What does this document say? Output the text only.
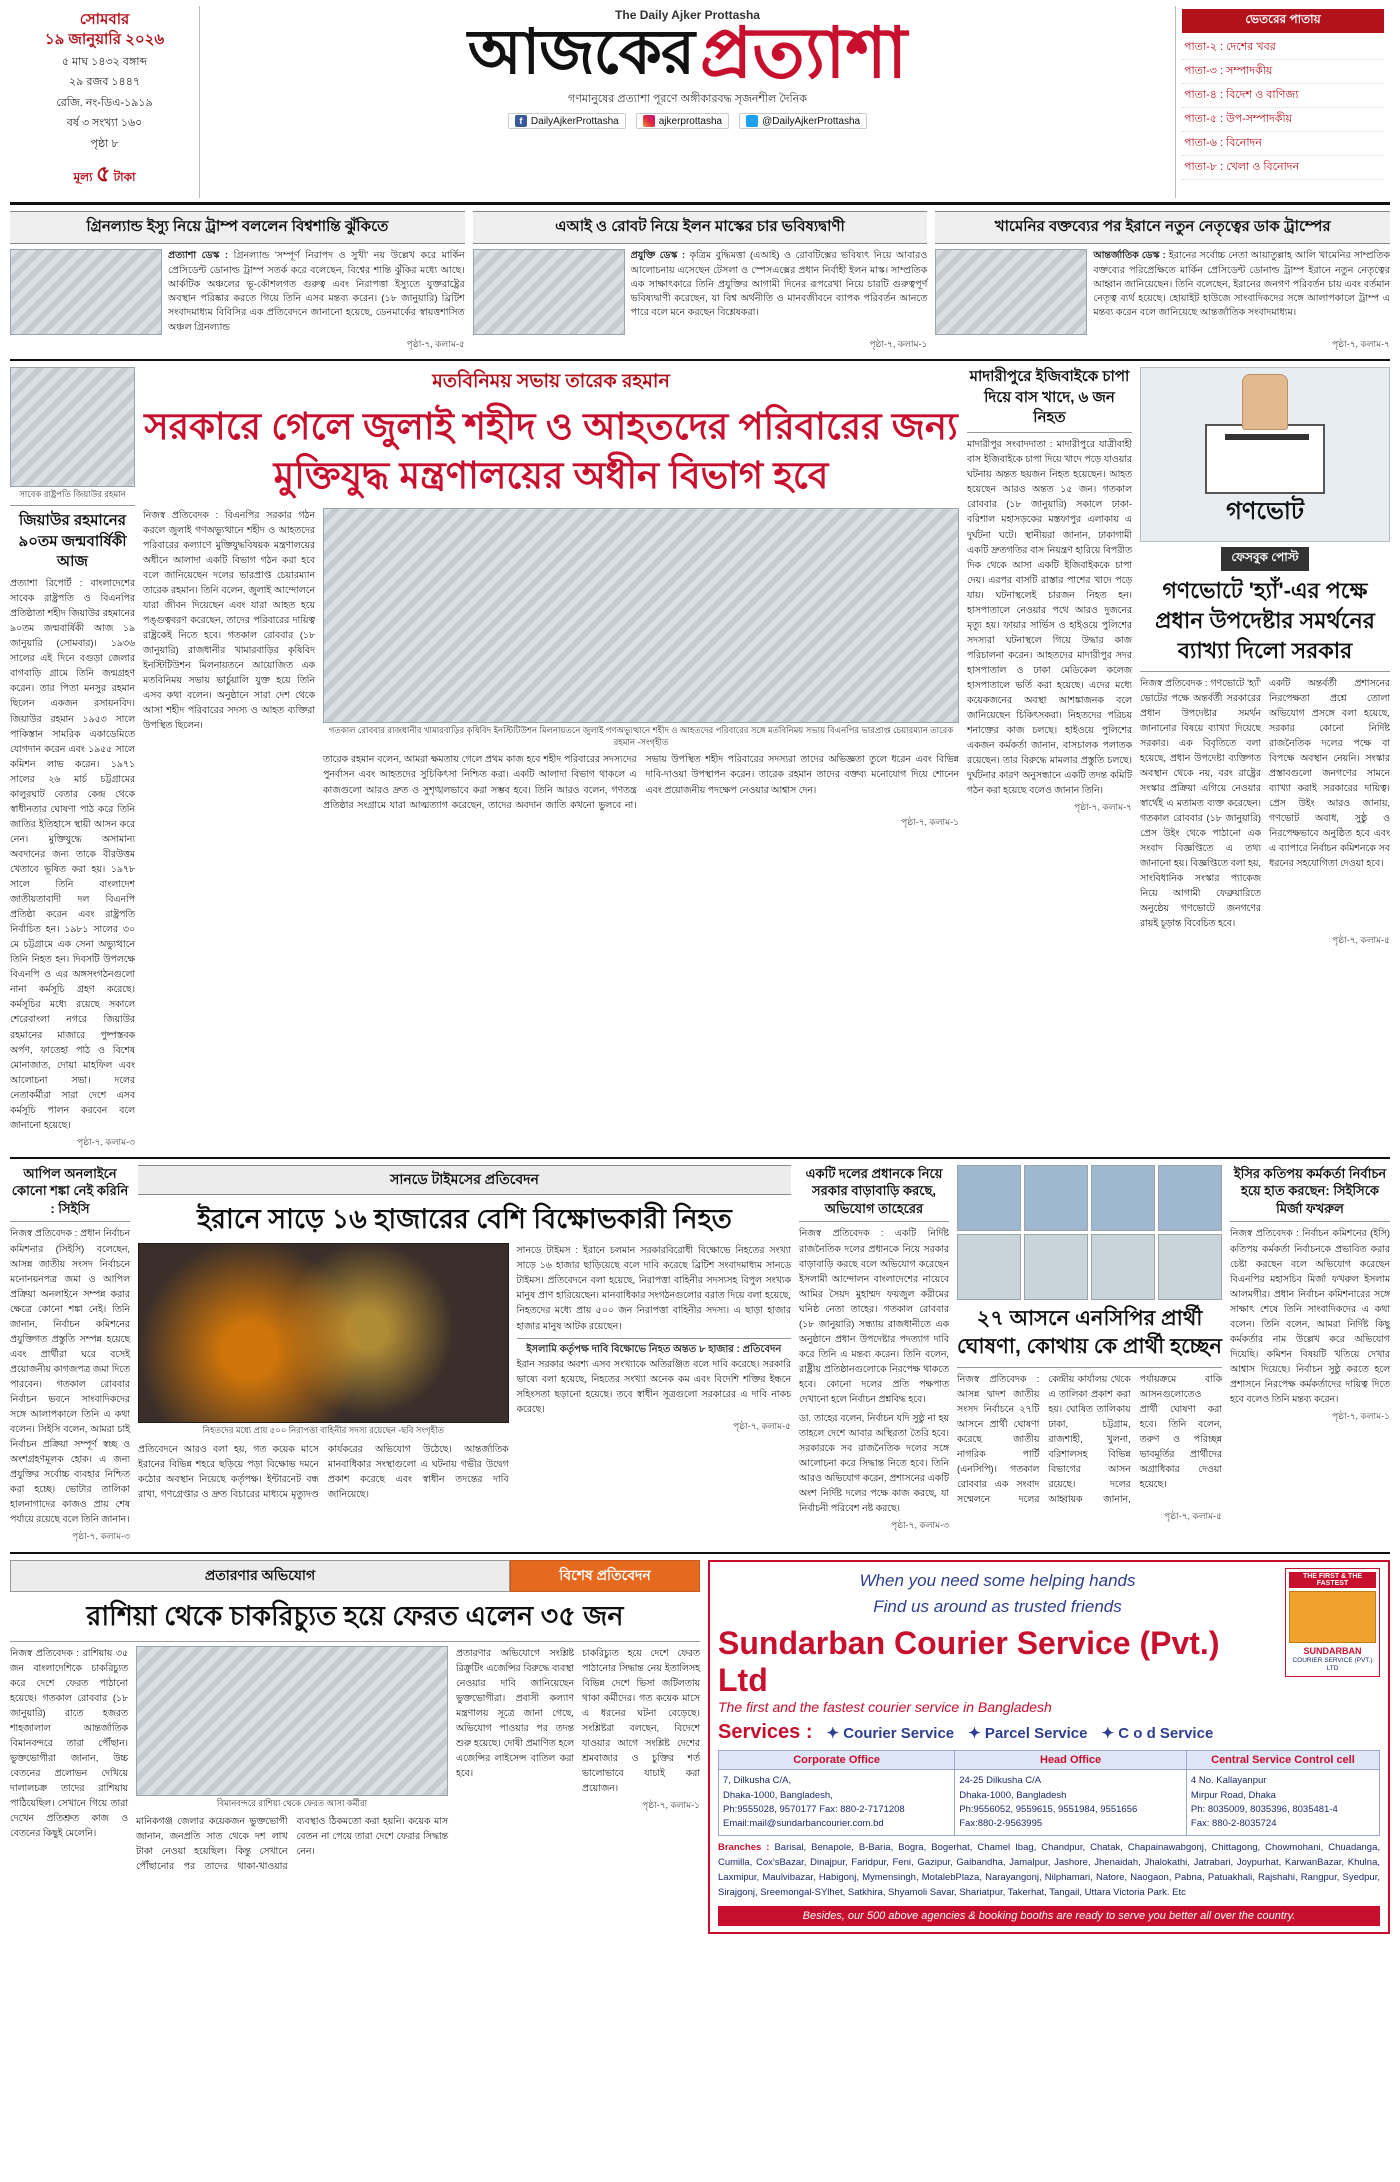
সোমবার
১৯ জানুয়ারি ২০২৬
৫ মাঘ ১৪৩২ বঙ্গাব্দ
২৯ রজব ১৪৪৭
রেজি. নং-ডিএ-১৯১৯
বর্ষ ৩ সংখ্যা ১৬০
পৃষ্ঠা ৮
মূল্য ৫ টাকা
The Daily Ajker Prottasha
আজকের প্রত্যাশা
গণমানুষের প্রত্যাশা পূরণে অঙ্গীকারবদ্ধ সৃজনশীল দৈনিক
f DailyAjkerProttasha	ajkerprottasha	@DailyAjkerProttasha
ভেতরের পাতায়
পাতা-২ : দেশের খবর
পাতা-৩ : সম্পাদকীয়
পাতা-৪ : বিদেশ ও বাণিজ্য
পাতা-৫ : উপ-সম্পাদকীয়
পাতা-৬ : বিনোদন
পাতা-৮ : খেলা ও বিনোদন
গ্রিনল্যান্ড ইস্যু নিয়ে ট্রাম্প বললেন বিশ্বশান্তি ঝুঁকিতে
প্রত্যাশা ডেস্ক : গ্রিনল্যান্ড 'সম্পূর্ণ নিরাপদ ও সুখী' নয় উল্লেখ করে মার্কিন প্রেসিডেন্ট ডোনাল্ড ট্রাম্প সতর্ক করে বলেছেন, বিশ্বের শান্তি ঝুঁকির মধ্যে আছে। আর্কটিক অঞ্চলের ভূ-কৌশলগত গুরুত্ব এবং নিরাপত্তা ইস্যুতে যুক্তরাষ্ট্রের অবস্থান পরিষ্কার করতে গিয়ে তিনি এসব মন্তব্য করেন। (১৮ জানুয়ারি) ব্রিটিশ সংবাদমাধ্যম বিবিসির এক প্রতিবেদনে জানানো হয়েছে, ডেনমার্কের স্বায়ত্তশাসিত অঞ্চল গ্রিনল্যান্ড
পৃষ্ঠা-৭, কলাম-৫
এআই ও রোবট নিয়ে ইলন মাস্কের চার ভবিষ্যদ্বাণী
প্রযুক্তি ডেস্ক : কৃত্রিম বুদ্ধিমত্তা (এআই) ও রোবটিক্সের ভবিষ্যৎ নিয়ে আবারও আলোচনায় এসেছেন টেসলা ও স্পেসএক্সের প্রধান নির্বাহী ইলন মাস্ক। সাম্প্রতিক এক সাক্ষাৎকারে তিনি প্রযুক্তির আগামী দিনের রূপরেখা নিয়ে চারটি গুরুত্বপূর্ণ ভবিষ্যদ্বাণী করেছেন, যা বিশ্ব অর্থনীতি ও মানবজীবনে ব্যাপক পরিবর্তন আনতে পারে বলে মনে করছেন বিশ্লেষকরা।
পৃষ্ঠা-৭, কলাম-১
খামেনির বক্তব্যের পর ইরানে নতুন নেতৃত্বের ডাক ট্রাম্পের
আন্তর্জাতিক ডেস্ক : ইরানের সর্বোচ্চ নেতা আয়াতুল্লাহ আলি খামেনির সাম্প্রতিক বক্তব্যের পরিপ্রেক্ষিতে মার্কিন প্রেসিডেন্ট ডোনাল্ড ট্রাম্প ইরানে নতুন নেতৃত্বের আহ্বান জানিয়েছেন। তিনি বলেছেন, ইরানের জনগণ পরিবর্তন চায় এবং বর্তমান নেতৃত্ব ব্যর্থ হয়েছে। হোয়াইট হাউজে সাংবাদিকদের সঙ্গে আলাপকালে ট্রাম্প এ মন্তব্য করেন বলে জানিয়েছে আন্তর্জাতিক সংবাদমাধ্যম।
পৃষ্ঠা-৭, কলাম-৭
সাবেক রাষ্ট্রপতি জিয়াউর রহমান
জিয়াউর রহমানের ৯০তম জন্মবার্ষিকী আজ
প্রত্যাশা রিপোর্ট : বাংলাদেশের সাবেক রাষ্ট্রপতি ও বিএনপির প্রতিষ্ঠাতা শহীদ জিয়াউর রহমানের ৯০তম জন্মবার্ষিকী আজ ১৯ জানুয়ারি (সোমবার)। ১৯৩৬ সালের এই দিনে বগুড়া জেলার বাগবাড়ি গ্রামে তিনি জন্মগ্রহণ করেন। তার পিতা মনসুর রহমান ছিলেন একজন রসায়নবিদ। জিয়াউর রহমান ১৯৫৩ সালে পাকিস্তান সামরিক একাডেমিতে যোগদান করেন এবং ১৯৫৫ সালে কমিশন লাভ করেন। ১৯৭১ সালের ২৬ মার্চ চট্টগ্রামের কালুরঘাট বেতার কেন্দ্র থেকে স্বাধীনতার ঘোষণা পাঠ করে তিনি জাতির ইতিহাসে স্থায়ী আসন করে নেন। মুক্তিযুদ্ধে অসামান্য অবদানের জন্য তাকে বীরউত্তম খেতাবে ভূষিত করা হয়। ১৯৭৮ সালে তিনি বাংলাদেশ জাতীয়তাবাদী দল বিএনপি প্রতিষ্ঠা করেন এবং রাষ্ট্রপতি নির্বাচিত হন। ১৯৮১ সালের ৩০ মে চট্টগ্রামে এক সেনা অভ্যুত্থানে তিনি নিহত হন। দিবসটি উপলক্ষে বিএনপি ও এর অঙ্গসংগঠনগুলো নানা কর্মসূচি গ্রহণ করেছে। কর্মসূচির মধ্যে রয়েছে সকালে শেরেবাংলা নগরে জিয়াউর রহমানের মাজারে পুষ্পস্তবক অর্পণ, ফাতেহা পাঠ ও বিশেষ মোনাজাত, দোয়া মাহফিল এবং আলোচনা সভা। দলের নেতাকর্মীরা সারা দেশে এসব কর্মসূচি পালন করবেন বলে জানানো হয়েছে।
পৃষ্ঠা-৭, কলাম-৩
মতবিনিময় সভায় তারেক রহমান
সরকারে গেলে জুলাই শহীদ ও আহতদের পরিবারের জন্য মুক্তিযুদ্ধ মন্ত্রণালয়ের অধীন বিভাগ হবে
নিজস্ব প্রতিবেদক : বিএনপির সরকার গঠন করলে জুলাই গণঅভ্যুত্থানে শহীদ ও আহতদের পরিবারের কল্যাণে মুক্তিযুদ্ধবিষয়ক মন্ত্রণালয়ের অধীনে আলাদা একটি বিভাগ গঠন করা হবে বলে জানিয়েছেন দলের ভারপ্রাপ্ত চেয়ারম্যান তারেক রহমান। তিনি বলেন, জুলাই আন্দোলনে যারা জীবন দিয়েছেন এবং যারা আহত হয়ে পঙ্গুত্ববরণ করেছেন, তাদের পরিবারের দায়িত্ব রাষ্ট্রকেই নিতে হবে। গতকাল রোববার (১৮ জানুয়ারি) রাজধানীর খামারবাড়ির কৃষিবিদ ইনস্টিটিউশন মিলনায়তনে আয়োজিত এক মতবিনিময় সভায় ভার্চুয়ালি যুক্ত হয়ে তিনি এসব কথা বলেন। অনুষ্ঠানে সারা দেশ থেকে আসা শহীদ পরিবারের সদস্য ও আহত ব্যক্তিরা উপস্থিত ছিলেন।	গতকাল রোববার রাজধানীর খামারবাড়ির কৃষিবিদ ইনস্টিটিউশন মিলনায়তনে জুলাই গণঅভ্যুত্থানে শহীদ ও আহতদের পরিবারের সঙ্গে মতবিনিময় সভায় বিএনপির ভারপ্রাপ্ত চেয়ারম্যান তারেক রহমান -সংগৃহীত
তারেক রহমান বলেন, আমরা ক্ষমতায় গেলে প্রথম কাজ হবে শহীদ পরিবারের সদস্যদের পুনর্বাসন এবং আহতদের সুচিকিৎসা নিশ্চিত করা। একটি আলাদা বিভাগ থাকলে এ কাজগুলো আরও দ্রুত ও সুশৃঙ্খলভাবে করা সম্ভব হবে। তিনি আরও বলেন, গণতন্ত্র প্রতিষ্ঠার সংগ্রামে যারা আত্মত্যাগ করেছেন, তাদের অবদান জাতি কখনো ভুলবে না। সভায় উপস্থিত শহীদ পরিবারের সদস্যরা তাদের অভিজ্ঞতা তুলে ধরেন এবং বিভিন্ন দাবি-দাওয়া উপস্থাপন করেন। তারেক রহমান তাদের বক্তব্য মনোযোগ দিয়ে শোনেন এবং প্রয়োজনীয় পদক্ষেপ নেওয়ার আশ্বাস দেন।
পৃষ্ঠা-৭, কলাম-১
মাদারীপুরে ইজিবাইকে চাপা দিয়ে বাস খাদে, ৬ জন নিহত
মাদারীপুর সংবাদদাতা : মাদারীপুরে যাত্রীবাহী বাস ইজিবাইকে চাপা দিয়ে খাদে পড়ে যাওয়ার ঘটনায় অন্তত ছয়জন নিহত হয়েছেন। আহত হয়েছেন আরও অন্তত ১৫ জন। গতকাল রোববার (১৮ জানুয়ারি) সকালে ঢাকা-বরিশাল মহাসড়কের মস্তফাপুর এলাকায় এ দুর্ঘটনা ঘটে। স্থানীয়রা জানান, ঢাকাগামী একটি দ্রুতগতির বাস নিয়ন্ত্রণ হারিয়ে বিপরীত দিক থেকে আসা একটি ইজিবাইককে চাপা দেয়। এরপর বাসটি রাস্তার পাশের খাদে পড়ে যায়। ঘটনাস্থলেই চারজন নিহত হন। হাসপাতালে নেওয়ার পথে আরও দুজনের মৃত্যু হয়। ফায়ার সার্ভিস ও হাইওয়ে পুলিশের সদস্যরা ঘটনাস্থলে গিয়ে উদ্ধার কাজ পরিচালনা করেন। আহতদের মাদারীপুর সদর হাসপাতাল ও ঢাকা মেডিকেল কলেজ হাসপাতালে ভর্তি করা হয়েছে। এদের মধ্যে কয়েকজনের অবস্থা আশঙ্কাজনক বলে জানিয়েছেন চিকিৎসকরা। নিহতদের পরিচয় শনাক্তের কাজ চলছে। হাইওয়ে পুলিশের একজন কর্মকর্তা জানান, বাসচালক পলাতক রয়েছেন। তার বিরুদ্ধে মামলার প্রস্তুতি চলছে। দুর্ঘটনার কারণ অনুসন্ধানে একটি তদন্ত কমিটি গঠন করা হয়েছে বলেও জানান তিনি।
পৃষ্ঠা-৭, কলাম-৭
গণভোট
ফেসবুক পোস্ট
গণভোটে 'হ্যাঁ'-এর পক্ষে প্রধান উপদেষ্টার সমর্থনের ব্যাখ্যা দিলো সরকার
নিজস্ব প্রতিবেদক : গণভোটে 'হ্যাঁ' ভোটের পক্ষে অন্তর্বর্তী সরকারের প্রধান উপদেষ্টার সমর্থন জানানোর বিষয়ে ব্যাখ্যা দিয়েছে সরকার। এক বিবৃতিতে বলা হয়েছে, প্রধান উপদেষ্টা ব্যক্তিগত অবস্থান থেকে নয়, বরং রাষ্ট্রের সংস্কার প্রক্রিয়া এগিয়ে নেওয়ার স্বার্থেই এ মতামত ব্যক্ত করেছেন। গতকাল রোববার (১৮ জানুয়ারি) প্রেস উইং থেকে পাঠানো এক সংবাদ বিজ্ঞপ্তিতে এ তথ্য জানানো হয়। বিজ্ঞপ্তিতে বলা হয়, সাংবিধানিক সংস্কার প্যাকেজ নিয়ে আগামী ফেব্রুয়ারিতে অনুষ্ঠেয় গণভোটে জনগণের রায়ই চূড়ান্ত বিবেচিত হবে।
একটি অন্তর্বর্তী প্রশাসনের নিরপেক্ষতা প্রশ্নে তোলা অভিযোগ প্রসঙ্গে বলা হয়েছে, সরকার কোনো নির্দিষ্ট রাজনৈতিক দলের পক্ষে বা বিপক্ষে অবস্থান নেয়নি। সংস্কার প্রস্তাবগুলো জনগণের সামনে ব্যাখ্যা করাই সরকারের দায়িত্ব। প্রেস উইং আরও জানায়, গণভোট অবাধ, সুষ্ঠু ও নিরপেক্ষভাবে অনুষ্ঠিত হবে এবং এ ব্যাপারে নির্বাচন কমিশনকে সব ধরনের সহযোগিতা দেওয়া হবে।
পৃষ্ঠা-৭, কলাম-৫
আপিল অনলাইনে কোনো শঙ্কা নেই করিনি : সিইসি
নিজস্ব প্রতিবেদক : প্রধান নির্বাচন কমিশনার (সিইসি) বলেছেন, আসন্ন জাতীয় সংসদ নির্বাচনে মনোনয়নপত্র জমা ও আপিল প্রক্রিয়া অনলাইনে সম্পন্ন করার ক্ষেত্রে কোনো শঙ্কা নেই। তিনি জানান, নির্বাচন কমিশনের প্রযুক্তিগত প্রস্তুতি সম্পন্ন হয়েছে এবং প্রার্থীরা ঘরে বসেই প্রয়োজনীয় কাগজপত্র জমা দিতে পারবেন। গতকাল রোববার নির্বাচন ভবনে সাংবাদিকদের সঙ্গে আলাপকালে তিনি এ কথা বলেন। সিইসি বলেন, আমরা চাই নির্বাচন প্রক্রিয়া সম্পূর্ণ স্বচ্ছ ও অংশগ্রহণমূলক হোক। এ জন্য প্রযুক্তির সর্বোচ্চ ব্যবহার নিশ্চিত করা হচ্ছে। ভোটার তালিকা হালনাগাদের কাজও প্রায় শেষ পর্যায়ে রয়েছে বলে তিনি জানান।
পৃষ্ঠা-৭, কলাম-৩
সানডে টাইমসের প্রতিবেদন
ইরানে সাড়ে ১৬ হাজারের বেশি বিক্ষোভকারী নিহত
নিহতদের মধ্যে প্রায় ৫০০ নিরাপত্তা বাহিনীর সদস্য রয়েছেন -ছবি সংগৃহীত
প্রতিবেদনে আরও বলা হয়, গত কয়েক মাসে ইরানের বিভিন্ন শহরে ছড়িয়ে পড়া বিক্ষোভ দমনে কঠোর অবস্থান নিয়েছে কর্তৃপক্ষ। ইন্টারনেট বন্ধ রাখা, গণগ্রেপ্তার ও দ্রুত বিচারের মাধ্যমে মৃত্যুদণ্ড কার্যকরের অভিযোগ উঠেছে। আন্তর্জাতিক মানবাধিকার সংস্থাগুলো এ ঘটনায় গভীর উদ্বেগ প্রকাশ করেছে এবং স্বাধীন তদন্তের দাবি জানিয়েছে।
সানডে টাইমস : ইরানে চলমান সরকারবিরোধী বিক্ষোভে নিহতের সংখ্যা সাড়ে ১৬ হাজার ছাড়িয়েছে বলে দাবি করেছে ব্রিটিশ সংবাদমাধ্যম সানডে টাইমস। প্রতিবেদনে বলা হয়েছে, নিরাপত্তা বাহিনীর সদস্যসহ বিপুল সংখ্যক মানুষ প্রাণ হারিয়েছেন। মানবাধিকার সংগঠনগুলোর বরাত দিয়ে বলা হয়েছে, নিহতদের মধ্যে প্রায় ৫০০ জন নিরাপত্তা বাহিনীর সদস্য। এ ছাড়া হাজার হাজার মানুষ আটক রয়েছেন।
ইসলামি কর্তৃপক্ষ দাবি বিক্ষোভে নিহত অন্তত ৮ হাজার : প্রতিবেদন
ইরান সরকার অবশ্য এসব সংখ্যাকে অতিরঞ্জিত বলে দাবি করেছে। সরকারি ভাষ্যে বলা হয়েছে, নিহতের সংখ্যা অনেক কম এবং বিদেশি শক্তির ইন্ধনে সহিংসতা ছড়ানো হয়েছে। তবে স্বাধীন সূত্রগুলো সরকারের এ দাবি নাকচ করেছে।
পৃষ্ঠা-৭, কলাম-৫
একটি দলের প্রধানকে নিয়ে সরকার বাড়াবাড়ি করছে, অভিযোগ তাহেরের
নিজস্ব প্রতিবেদক : একটি নির্দিষ্ট রাজনৈতিক দলের প্রধানকে নিয়ে সরকার বাড়াবাড়ি করছে বলে অভিযোগ করেছেন ইসলামী আন্দোলন বাংলাদেশের নায়েবে আমির সৈয়দ মুহাম্মদ ফয়জুল করীমের ঘনিষ্ঠ নেতা তাহের। গতকাল রোববার (১৮ জানুয়ারি) সন্ধ্যায় রাজধানীতে এক অনুষ্ঠানে প্রধান উপদেষ্টার পদত্যাগ দাবি করে তিনি এ মন্তব্য করেন। তিনি বলেন, রাষ্ট্রীয় প্রতিষ্ঠানগুলোকে নিরপেক্ষ থাকতে হবে। কোনো দলের প্রতি পক্ষপাত দেখানো হলে নির্বাচন প্রশ্নবিদ্ধ হবে।
ডা. তাহের বলেন, নির্বাচন যদি সুষ্ঠু না হয় তাহলে দেশে আবার অস্থিরতা তৈরি হবে। সরকারকে সব রাজনৈতিক দলের সঙ্গে আলোচনা করে সিদ্ধান্ত নিতে হবে। তিনি আরও অভিযোগ করেন, প্রশাসনের একটি অংশ নির্দিষ্ট দলের পক্ষে কাজ করছে, যা নির্বাচনী পরিবেশ নষ্ট করছে।
পৃষ্ঠা-৭, কলাম-৩
২৭ আসনে এনসিপির প্রার্থী ঘোষণা, কোথায় কে প্রার্থী হচ্ছেন
নিজস্ব প্রতিবেদক : আসন্ন দ্বাদশ জাতীয় সংসদ নির্বাচনে ২৭টি আসনে প্রার্থী ঘোষণা করেছে জাতীয় নাগরিক পার্টি (এনসিপি)। গতকাল রোববার এক সংবাদ সম্মেলনে দলের কেন্দ্রীয় কার্যালয় থেকে এ তালিকা প্রকাশ করা হয়। ঘোষিত তালিকায় ঢাকা, চট্টগ্রাম, রাজশাহী, খুলনা, বরিশালসহ বিভিন্ন বিভাগের আসন রয়েছে। দলের আহ্বায়ক জানান, পর্যায়ক্রমে বাকি আসনগুলোতেও প্রার্থী ঘোষণা করা হবে। তিনি বলেন, তরুণ ও পরিচ্ছন্ন ভাবমূর্তির প্রার্থীদের অগ্রাধিকার দেওয়া হয়েছে।
পৃষ্ঠা-৭, কলাম-৫
ইসির কতিপয় কর্মকর্তা নির্বাচন হয়ে হাত করছেন: সিইসিকে মির্জা ফখরুল
নিজস্ব প্রতিবেদক : নির্বাচন কমিশনের (ইসি) কতিপয় কর্মকর্তা নির্বাচনকে প্রভাবিত করার চেষ্টা করছেন বলে অভিযোগ করেছেন বিএনপির মহাসচিব মির্জা ফখরুল ইসলাম আলমগীর। প্রধান নির্বাচন কমিশনারের সঙ্গে সাক্ষাৎ শেষে তিনি সাংবাদিকদের এ কথা বলেন। তিনি বলেন, আমরা নির্দিষ্ট কিছু কর্মকর্তার নাম উল্লেখ করে অভিযোগ দিয়েছি। কমিশন বিষয়টি খতিয়ে দেখার আশ্বাস দিয়েছে। নির্বাচন সুষ্ঠু করতে হলে প্রশাসনে নিরপেক্ষ কর্মকর্তাদের দায়িত্ব দিতে হবে বলেও তিনি মন্তব্য করেন।
পৃষ্ঠা-৭, কলাম-১
প্রতারণার অভিযোগ	বিশেষ প্রতিবেদন
রাশিয়া থেকে চাকরিচ্যুত হয়ে ফেরত এলেন ৩৫ জন
নিজস্ব প্রতিবেদক : রাশিয়ায় ৩৫ জন বাংলাদেশিকে চাকরিচ্যুত করে দেশে ফেরত পাঠানো হয়েছে। গতকাল রোববার (১৮ জানুয়ারি) রাতে হজরত শাহজালাল আন্তর্জাতিক বিমানবন্দরে তারা পৌঁছান। ভুক্তভোগীরা জানান, উচ্চ বেতনের প্রলোভন দেখিয়ে দালালচক্র তাদের রাশিয়ায় পাঠিয়েছিল। সেখানে গিয়ে তারা দেখেন প্রতিশ্রুত কাজ ও বেতনের কিছুই মেলেনি।
বিমানবন্দরে রাশিয়া থেকে ফেরত আসা কর্মীরা
মানিকগঞ্জ জেলার কয়েকজন ভুক্তভোগী জানান, জনপ্রতি সাত থেকে দশ লাখ টাকা নেওয়া হয়েছিল। কিন্তু সেখানে পৌঁছানোর পর তাদের থাকা-খাওয়ার ব্যবস্থাও ঠিকমতো করা হয়নি। কয়েক মাস বেতন না পেয়ে তারা দেশে ফেরার সিদ্ধান্ত নেন।
প্রতারণার অভিযোগে সংশ্লিষ্ট রিক্রুটিং এজেন্সির বিরুদ্ধে ব্যবস্থা নেওয়ার দাবি জানিয়েছেন ভুক্তভোগীরা। প্রবাসী কল্যাণ মন্ত্রণালয় সূত্রে জানা গেছে, অভিযোগ পাওয়ার পর তদন্ত শুরু হয়েছে। দোষী প্রমাণিত হলে এজেন্সির লাইসেন্স বাতিল করা হবে।
চাকরিচ্যুত হয়ে দেশে ফেরত পাঠানোর সিদ্ধান্ত নেয় ইতালিসহ বিভিন্ন দেশে ভিসা জটিলতায় থাকা কর্মীদের। গত কয়েক মাসে এ ধরনের ঘটনা বেড়েছে। সংশ্লিষ্টরা বলছেন, বিদেশে যাওয়ার আগে সংশ্লিষ্ট দেশের শ্রমবাজার ও চুক্তির শর্ত ভালোভাবে যাচাই করা প্রয়োজন।
পৃষ্ঠা-৭, কলাম-১
When you need some helping hands
Find us around as trusted friends
Sundarban Courier Service (Pvt.) Ltd
The first and the fastest courier service in Bangladesh
THE FIRST & THE FASTEST
SUNDARBAN
COURIER SERVICE (PVT.) LTD
Services : ✦ Courier Service ✦ Parcel Service ✦ C o d Service
Corporate Office	Head Office	Central Service Control cell

7, Dilkusha C/A,
Dhaka-1000, Bangladesh,
Ph:9555028, 9570177 Fax: 880-2-7171208
Email:mail@sundarbancourier.com.bd

24-25 Dilkusha C/A
Dhaka-1000, Bangladesh
Ph:9556052, 9559615, 9551984, 9551656
Fax:880-2-9563995

4 No. Kallayanpur
Mirpur Road, Dhaka
Ph: 8035009, 8035396, 8035481-4
Fax: 880-2-8035724
Branches : Barisal, Benapole, B-Baria, Bogra, Bogerhat, Chamel Ibag, Chandpur, Chatak, Chapainawabgonj, Chittagong, Chowmohani, Chuadanga, Cumilla, Cox'sBazar, Dinajpur, Faridpur, Feni, Gazipur, Gaibandha, Jamalpur, Jashore, Jhenaidah, Jhalokathi, Jatrabari, Joypurhat, KarwanBazar, Khulna, Laxmipur, Maulvibazar, Habigonj, Mymensingh, MotalebPlaza, Narayangonj, Nilphamari, Natore, Naogaon, Pabna, Patuakhali, Rajshahi, Rangpur, Syedpur, Sirajgonj, Sreemongal-SYlhet, Satkhira, Shyamoli Savar, Shariatpur, Takerhat, Tangail, Uttara Victoria Park. Etc
Besides, our 500 above agencies & booking booths are ready to serve you better all over the country.
